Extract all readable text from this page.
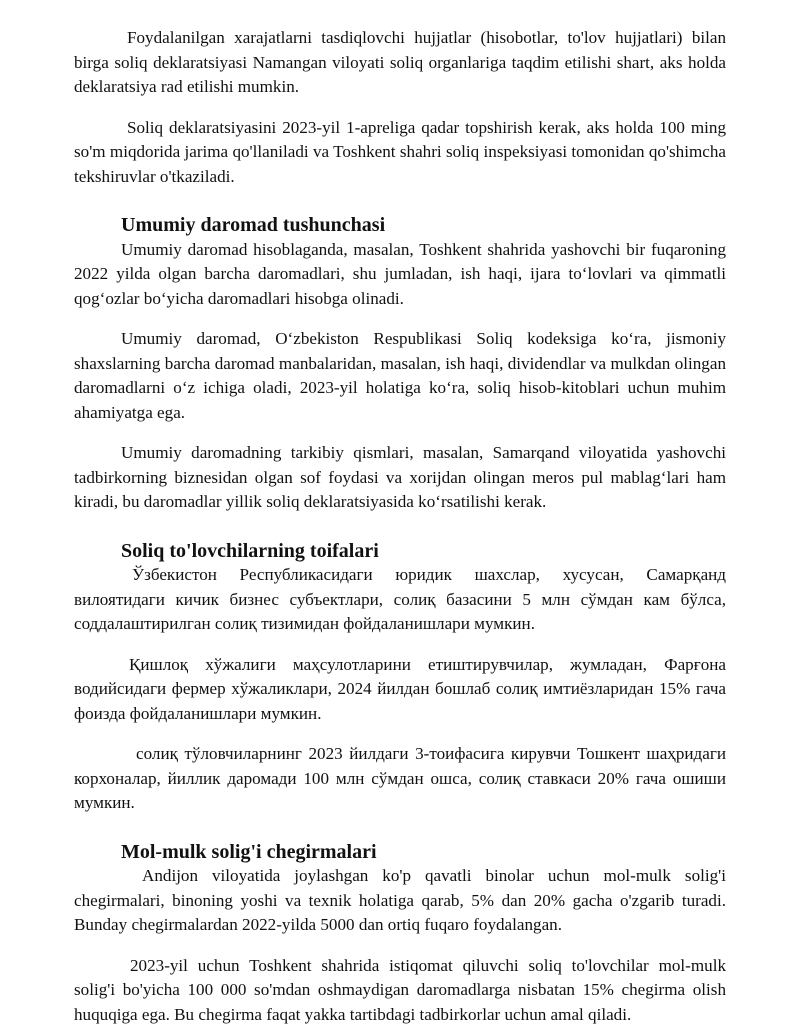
Foydalanilgan xarajatlarni tasdiqlovchi hujjatlar (hisobotlar, to'lov hujjatlari) bilan birga soliq deklaratsiyasi Namangan viloyati soliq organlariga taqdim etilishi shart, aks holda deklaratsiya rad etilishi mumkin.

Soliq deklaratsiyasini 2023-yil 1-apreliga qadar topshirish kerak, aks holda 100 ming so'm miqdorida jarima qo'llaniladi va Toshkent shahri soliq inspeksiyasi tomonidan qo'shimcha tekshiruvlar o'tkaziladi.

Umumiy daromad tushunchasi

Umumiy daromad hisoblaganda, masalan, Toshkent shahrida yashovchi bir fuqaroning 2022 yilda olgan barcha daromadlari, shu jumladan, ish haqi, ijara to‘lovlari va qimmatli qog‘ozlar bo‘yicha daromadlari hisobga olinadi.

Umumiy daromad, O‘zbekiston Respublikasi Soliq kodeksiga ko‘ra, jismoniy shaxslarning barcha daromad manbalaridan, masalan, ish haqi, dividendlar va mulkdan olingan daromadlarni o‘z ichiga oladi, 2023-yil holatiga ko‘ra, soliq hisob-kitoblari uchun muhim ahamiyatga ega.

Umumiy daromadning tarkibiy qismlari, masalan, Samarqand viloyatida yashovchi tadbirkorning biznesidan olgan sof foydasi va xorijdan olingan meros pul mablag‘lari ham kiradi, bu daromadlar yillik soliq deklaratsiyasida ko‘rsatilishi kerak.

Soliq to'lovchilarning toifalari

Ўзбекистон Республикасидаги юридик шахслар, хусусан, Самарқанд вилоятидаги кичик бизнес субъектлари, солиқ базасини 5 млн сўмдан кам бўлса, соддалаштирилган солиқ тизимидан фойдаланишлари мумкин.

Қишлоқ хўжалиги маҳсулотларини етиштирувчилар, жумладан, Фарғона водийсидаги фермер хўжаликлари, 2024 йилдан бошлаб солиқ имтиёзларидан 15% гача фоизда фойдаланишлари мумкин.

солиқ тўловчиларнинг 2023 йилдаги 3-тоифасига кирувчи Тошкент шаҳридаги корхоналар, йиллик даромади 100 млн сўмдан ошса, солиқ ставкаси 20% гача ошиши мумкин.

Mol-mulk solig'i chegirmalari

Andijon viloyatida joylashgan ko'p qavatli binolar uchun mol-mulk solig'i chegirmalari, binoning yoshi va texnik holatiga qarab, 5% dan 20% gacha o'zgarib turadi. Bunday chegirmalardan 2022-yilda 5000 dan ortiq fuqaro foydalangan.

2023-yil uchun Toshkent shahrida istiqomat qiluvchi soliq to'lovchilar mol-mulk solig'i bo'yicha 100 000 so'mdan oshmaydigan daromadlarga nisbatan 15% chegirma olish huquqiga ega. Bu chegirma faqat yakka tartibdagi tadbirkorlar uchun amal qiladi.
